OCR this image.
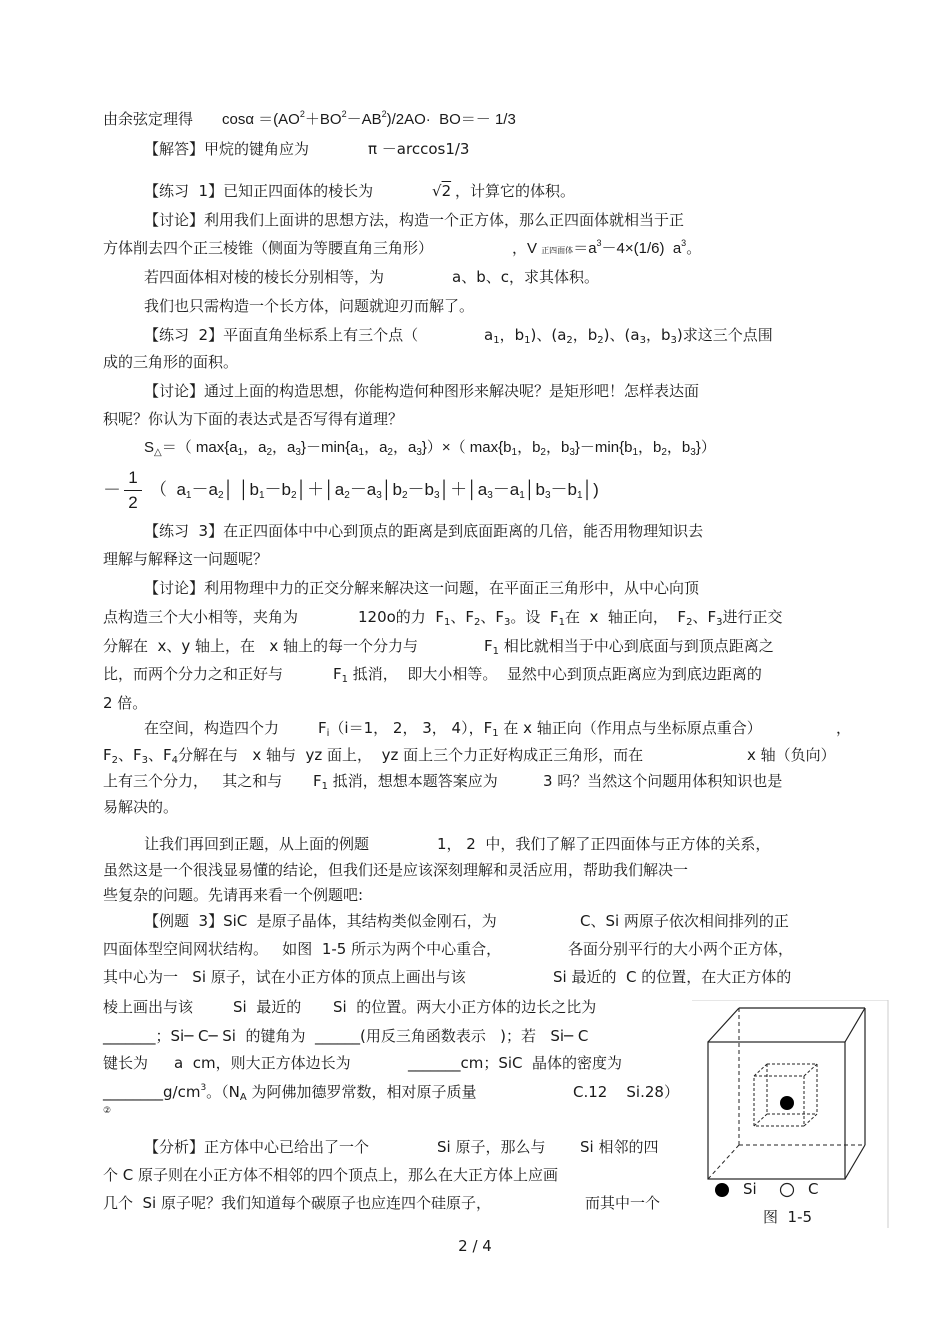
由余弦定理得 $\cos\alpha =(AO^2+BO^2-AB^2)/2AO\cdot BO=- 1/3$
【解答】甲烷的键角应为	π －arccos1/3
【练习  1】已知正四面体的棱长为	√2 ，计算它的体积。
【讨论】利用我们上面讲的思想方法，构造一个正方体，那么正四面体就相当于正
方体削去四个正三棱锥（侧面为等腰直角三角形）	，V 正四面体$=a^3-4\times(1/6)$  $a^3$。
若四面体相对棱的棱长分别相等，为	a、b、c，求其体积。
我们也只需构造一个长方体，问题就迎刃而解了。
【练习  2】平面直角坐标系上有三个点（	$a_1$，$b_1$)、($a_2$，$b_2$)、($a_3$，$b_3$)求这三个点围
成的三角形的面积。
【讨论】通过上面的构造思想，你能构造何种图形来解决呢？是矩形吧！怎样表达面
积呢？你认为下面的表达式是否写得有道理？
$S_\triangle=$（ $\max\{a_1$，$a_2$，$a_3\}-\min\{a_1$，$a_2$，$a_3\})\times$（ $\max\{b_1$，$b_2$，$b_3\}-\min\{b_1$，$b_2$，$b_3$}）
－
1
2
（  $a_1-a_2│$ $│b_1-b_2│+│a_2-a_3│b_2-b_3│+│a_3-a_1│b_3-b_1│$)
【练习  3】在正四面体中中心到顶点的距离是到底面距离的几倍，能否用物理知识去
理解与解释这一问题呢？
【讨论】利用物理中力的正交分解来解决这一问题，在平面正三角形中，从中心向顶
点构造三个大小相等，夹角为	120o的力  $F_1$、$F_2$、$F_3$。设  $F_1$在  x  轴正向，  $F_2$、$F_3$进行正交
分解在  x、y 轴上，在   x 轴上的每一个分力与	$F_1$ 相比就相当于中心到底面与到顶点距离之
比，而两个分力之和正好与	$F_1$ 抵消，  即大小相等。  显然中心到顶点距离应为到底边距离的
2 倍。
在空间，构造四个力	$F_i(i=1$， 2， 3， 4），$F_1$ 在 x 轴正向（作用点与坐标原点重合）	，
$F_2$、$F_3$、$F_4$分解在与   x 轴与  yz 面上，  yz 面上三个力正好构成正三角形，而在	x 轴（负向）
上有三个分力，   其之和与 $F_1$ 抵消，想想本题答案应为	3 吗？当然这个问题用体积知识也是
易解决的。
让我们再回到正题，从上面的例题	1， 2  中，我们了解了正四面体与正方体的关系，
虽然这是一个很浅显易懂的结论，但我们还是应该深刻理解和灵活应用，帮助我们解决一
些复杂的问题。先请再来看一个例题吧:
【例题  3】SiC  是原子晶体，其结构类似金刚石，为	C、Si 两原子依次相间排列的正
四面体型空间网状结构。   如图  1-5 所示为两个中心重合，	各面分别平行的大小两个正方体，
其中心为一   Si 原子，试在小正方体的顶点上画出与该	Si 最近的  C 的位置，在大正方体的
棱上画出与该	Si  最近的 Si  的位置。两大小正方体的边长之比为
_______；Si─ C─ Si  的键角为  ______(用反三角函数表示   )；若   Si─ C
键长为 a  cm，则大正方体边长为	_______cm；SiC  晶体的密度为
$\_\_\_\_\_\_\_\_g/cm^3$。（$N_A$ 为阿佛加德罗常数，相对原子质量	C.12    Si.28）
②
【分析】正方体中心已给出了一个	Si 原子，那么与 Si 相邻的四
个 C 原子则在小正方体不相邻的四个顶点上，那么在大正方体上应画
几个  Si 原子呢？我们知道每个碳原子也应连四个硅原子，	而其中一个
Si	C
图  1-5
2 / 4
